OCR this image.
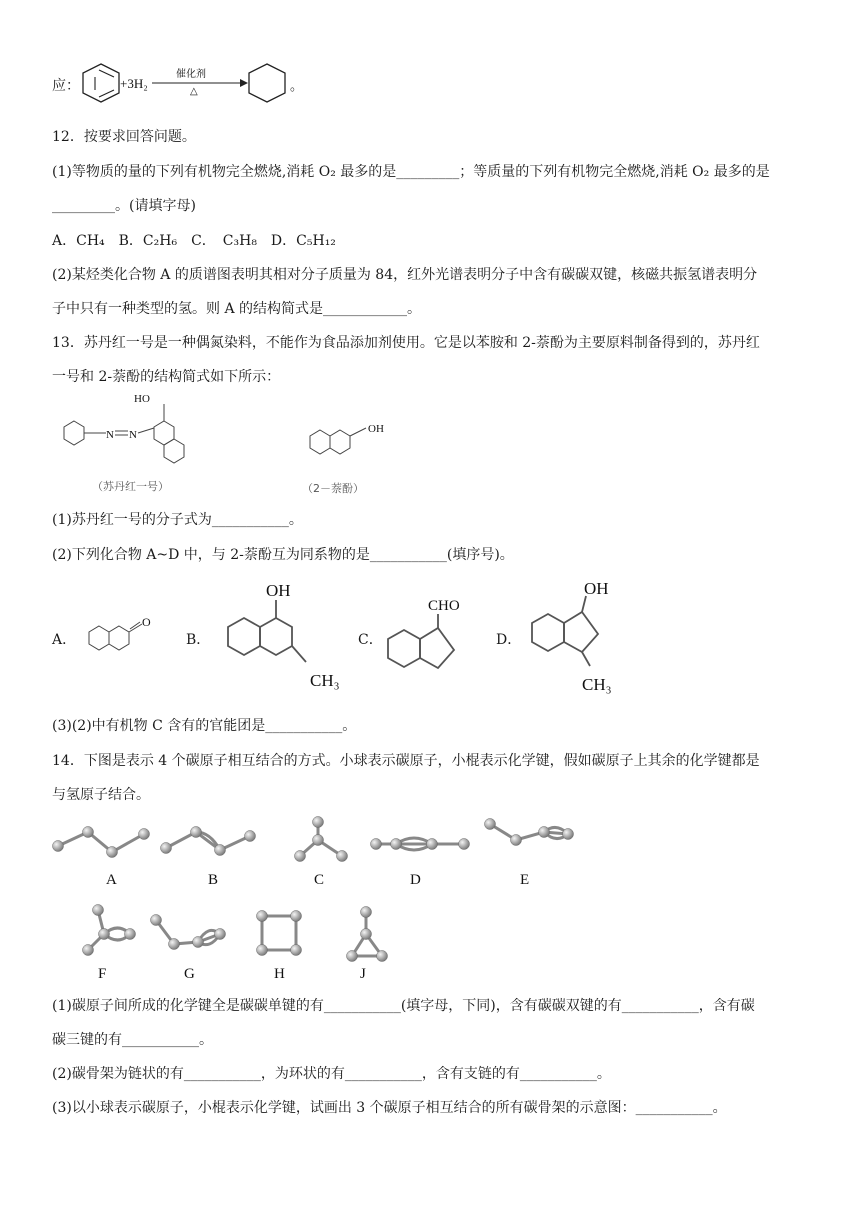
应：	+3H₂
催化剂
△	。
12．按要求回答问题。
(1)等物质的量的下列有机物完全燃烧,消耗 O₂ 最多的是_________；等质量的下列有机物完全燃烧,消耗 O₂ 最多的是
_________。(请填字母)
A．CH₄　B．C₂H₆　C．　C₃H₈　D．C₅H₁₂
(2)某烃类化合物 A 的质谱图表明其相对分子质量为 84，红外光谱表明分子中含有碳碳双键，核磁共振氢谱表明分
子中只有一种类型的氢。则 A 的结构简式是____________。
13．苏丹红一号是一种偶氮染料，不能作为食品添加剂使用。它是以苯胺和 2-萘酚为主要原料制备得到的，苏丹红
一号和 2-萘酚的结构简式如下所示：
N N
HO
（苏丹红一号）
OH
（2－萘酚）
(1)苏丹红一号的分子式为___________。
(2)下列化合物 A~D 中，与 2-萘酚互为同系物的是___________(填序号)。
A．
O
B．
OH
CH₃
C．
CHO
D．
OH
CH₃
(3)(2)中有机物 C 含有的官能团是___________。
14．下图是表示 4 个碳原子相互结合的方式。小球表示碳原子，小棍表示化学键，假如碳原子上其余的化学键都是
与氢原子结合。
A	B	C	D	E
F	G	H	J
(1)碳原子间所成的化学键全是碳碳单键的有___________(填字母，下同)，含有碳碳双键的有___________，含有碳
碳三键的有___________。
(2)碳骨架为链状的有___________，为环状的有___________，含有支链的有___________。
(3)以小球表示碳原子，小棍表示化学键，试画出 3 个碳原子相互结合的所有碳骨架的示意图：___________。
